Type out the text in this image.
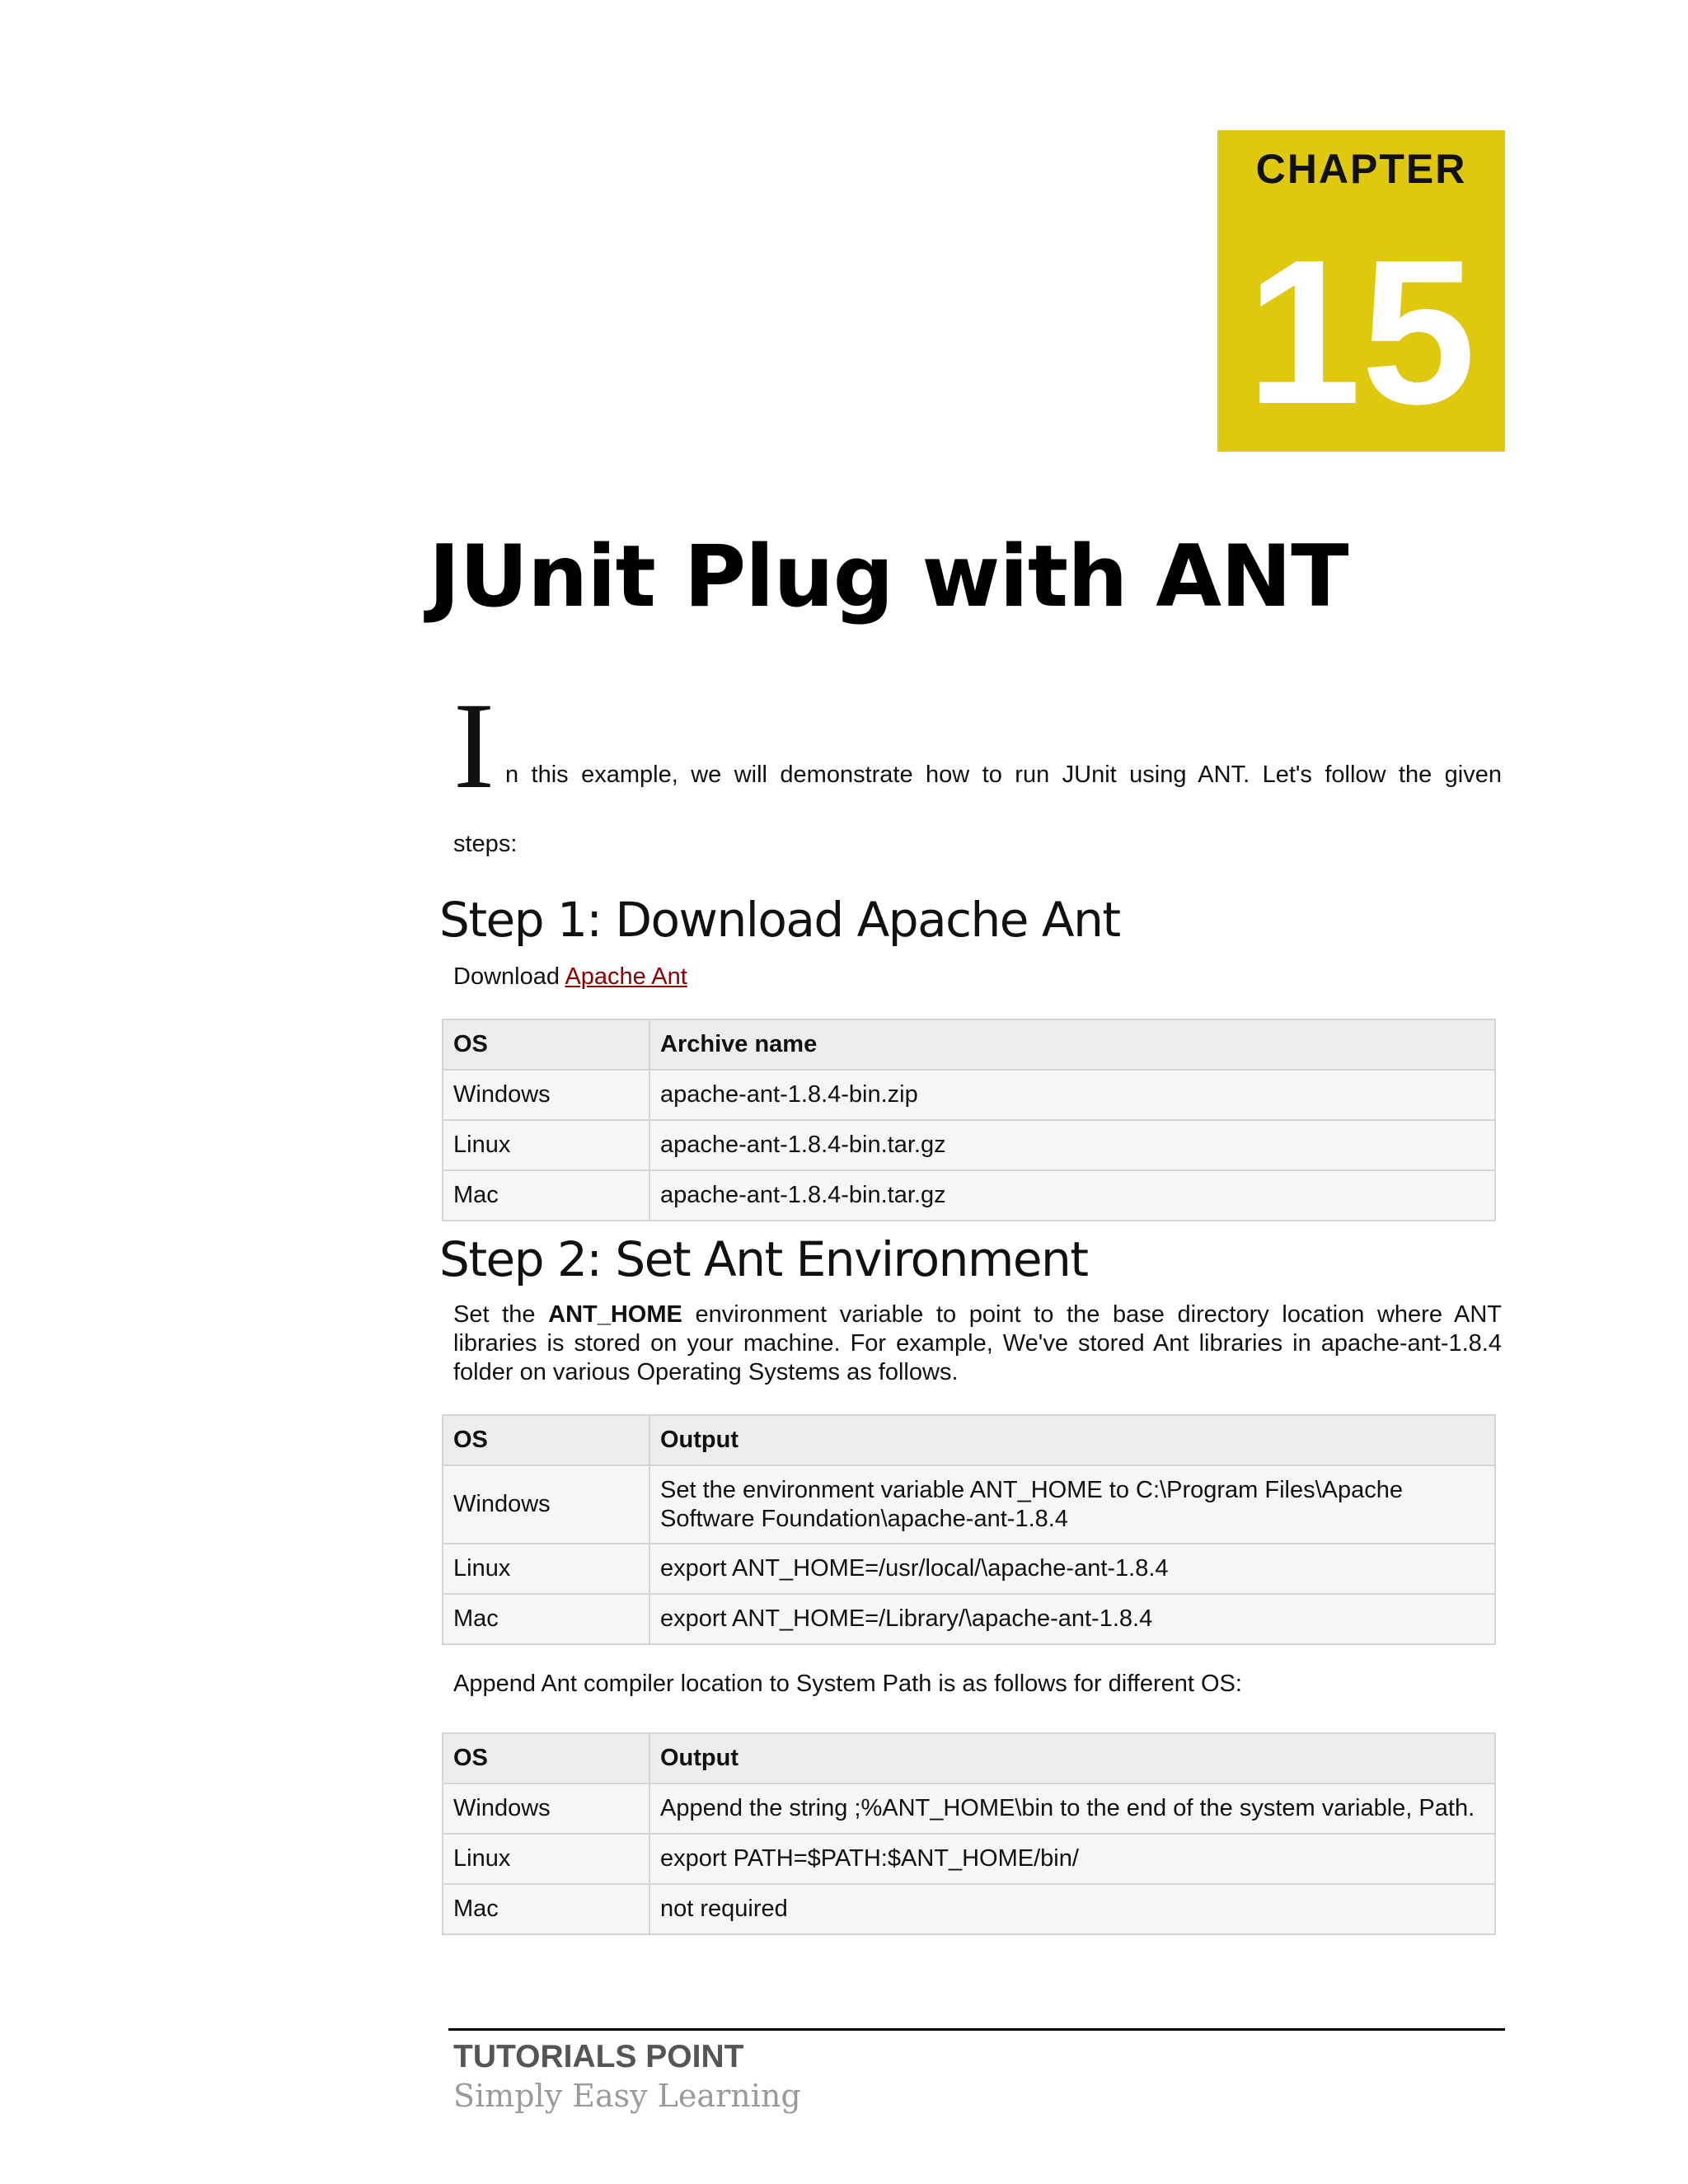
CHAPTER
15
JUnit Plug with ANT
I n this example, we will demonstrate how to run JUnit using ANT. Let's follow the given
steps:
Step 1: Download Apache Ant
Download Apache Ant
OS	Archive name
Windows	apache-ant-1.8.4-bin.zip
Linux	apache-ant-1.8.4-bin.tar.gz
Mac	apache-ant-1.8.4-bin.tar.gz
Step 2: Set Ant Environment
Set the ANT_HOME environment variable to point to the base directory location where ANT libraries is stored on your machine. For example, We've stored Ant libraries in apache-ant-1.8.4 folder on various Operating Systems as follows.
OS	Output
Windows	Set the environment variable ANT_HOME to C:\Program Files\Apache Software Foundation\apache-ant-1.8.4
Linux	export ANT_HOME=/usr/local/\apache-ant-1.8.4
Mac	export ANT_HOME=/Library/\apache-ant-1.8.4
Append Ant compiler location to System Path is as follows for different OS:
OS	Output
Windows	Append the string ;%ANT_HOME\bin to the end of the system variable, Path.
Linux	export PATH=$PATH:$ANT_HOME/bin/
Mac	not required
TUTORIALS POINT
Simply Easy Learning
